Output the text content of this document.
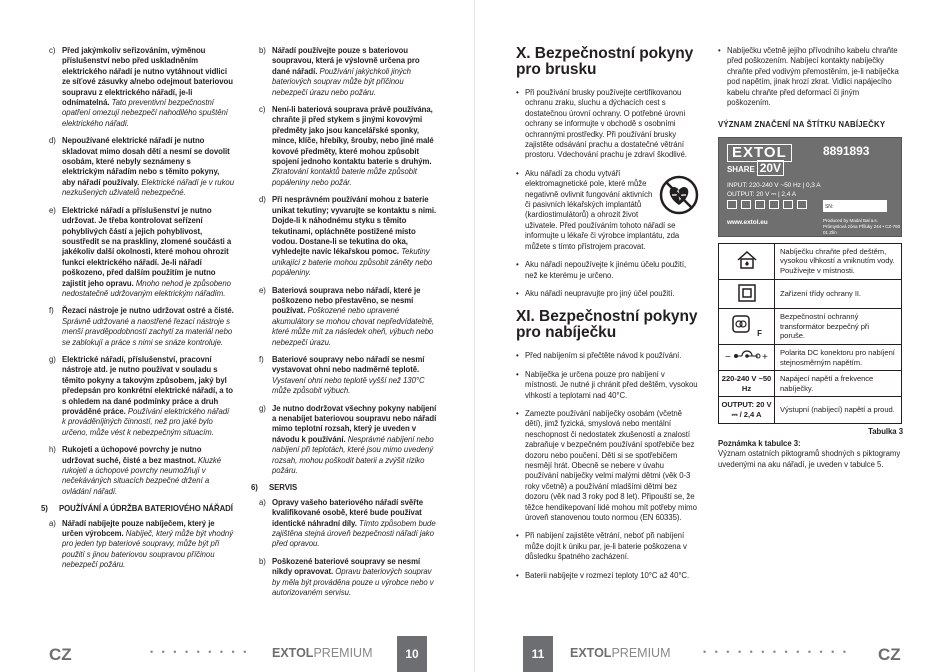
c) Před jakýmkoliv seřizováním, výměnou příslušenství nebo před uskladněním elektrického nářadí je nutno vytáhnout vidlici ze síťové zásuvky a/nebo odejmout bateriovou soupravu z elektrického nářadí, je-li odnímatelná. Tato preventivní bezpečnostní opatření omezují nebezpečí nahodilého spuštění elektrického nářadí.
d) Nepoužívané elektrické nářadí je nutno skladovat mimo dosah dětí a nesmí se dovolit osobám, které nebyly seznámeny s elektrickým nářadím nebo s těmito pokyny, aby nářadí používaly. Elektrické nářadí je v rukou nezkušených uživatelů nebezpečné.
e) Elektrické nářadí a příslušenství je nutno udržovat. Je třeba kontrolovat seřízení pohyblivých částí a jejich pohyblivost, soustředit se na praskliny, zlomené součásti a jakékoliv další okolnosti, které mohou ohrozit funkci elektrického nářadí. Je-li nářadí poškozeno, před dalším použitím je nutno zajistit jeho opravu. Mnoho nehod je způsobeno nedostatečně udržovaným elektrickým nářadím.
f)	Řezací nástroje je nutno udržovat ostré a čisté. Správně udržované a naostřené řezací nástroje s menší pravděpodobností zachytí za materiál nebo se zablokují a práce s nimi se snáze kontroluje.
g) Elektrické nářadí, příslušenství, pracovní nástroje atd. je nutno používat v souladu s těmito pokyny a takovým způsobem, jaký byl předepsán pro konkrétní elektrické nářadí, a to s ohledem na dané podmínky práce a druh prováděné práce. Používání elektrického nářadí k prováděníjiných činností, než pro jaké bylo určeno, může vést k nebezpečným situacím.
h) Rukojeti a úchopové povrchy je nutno udržovat suché, čisté a bez mastnot. Kluzké rukojeti a úchopové povrchy neumožňují v nečekáváných situacích bezpečné držení a ovládání nářadí.
5)	POUŽÍVÁNÍ A ÚDRŽBA BATERIOVÉHO NÁŘADÍ
a) Nářadí nabíjejte pouze nabíječem, který je určen výrobcem. Nabíječ, který může být vhodný pro jeden typ bateriové soupravy, může být při použití s jinou bateriovou soupravou příčinou nebezpečí požáru.
b) Nářadí používejte pouze s bateriovou soupravou, která je výslovně určena pro dané nářadí. Používání jakýchkoli jiných bateriových souprav může být příčinou nebezpečí úrazu nebo požáru.
c) Není-li bateriová souprava právě používána, chraňte ji před stykem s jinými kovovými předměty jako jsou kancelářské sponky, mince, klíče, hřebíky, šrouby, nebo jiné malé kovové předměty, které mohou způsobit spojení jednoho kontaktu baterie s druhým. Zkratování kontaktů baterie může způsobit popáleniny nebo požár.
d) Při nesprávném používání mohou z baterie unikat tekutiny; vyvarujte se kontaktu s nimi. Dojde-li k náhodnému styku s těmito tekutinami, opláchněte postižené místo vodou. Dostane-li se tekutina do oka, vyhledejte navíc lékařskou pomoc. Tekutiny unikající z baterie mohou způsobit záněty nebo popáleniny.
e) Bateriová souprava nebo nářadí, které je poškozeno nebo přestavěno, se nesmí používat. Poškozené nebo upravené akumulátory se mohou chovat nepředvídatelně, které může mít za následek oheň, výbuch nebo nebezpečí úrazu.
f)	Bateriové soupravy nebo nářadí se nesmí vystavovat ohni nebo nadměrné teplotě. Vystavení ohni nebo teplotě vyšší než 130°C může způsobit výbuch.
g) Je nutno dodržovat všechny pokyny nabíjení a nenabíjet bateriovou soupravu nebo nářadí mimo teplotní rozsah, který je uveden v návodu k používání. Nesprávné nabíjení nebo nabíjení při teplotách, které jsou mimo uvedený rozsah, mohou poškodit baterii a zvýšit riziko požáru.
6)	SERVIS
a) Opravy vašeho bateriového nářadí svěřte kvalifikované osobě, které bude používat identické náhradní díly. Tímto způsobem bude zajištěna stejná úroveň bezpečnosti nářadí jako před opravou.
b) Poškozené bateriové soupravy se nesmí nikdy opravovat. Opravu bateriových souprav by měla být prováděna pouze u výrobce nebo v autorizovaném servisu.
CZ	• • • • • • • • • EXTOLPREMIUM	10
X. Bezpečnostní pokyny pro brusku
• Při používání brusky používejte certifikovanou ochranu zraku, sluchu a dýchacích cest s dostatečnou úrovní ochrany. O potřebné úrovni ochrany se informujte v obchodě s osobními ochrannými prostředky. Při používání brusky zajistěte odsávání prachu a dostatečné větrání prostoru. Vdechování prachu je zdraví škodlivé.
• Aku nářadí za chodu vytváří elektromagnetické pole, které může negativně ovlivnit fungování aktivních či pasivních lékařských implantátů (kardiostimulátorů) a ohrozit život uživatele. Před používáním tohoto nářadí se informujte u lékaře či výrobce implantátu, zda můžete s tímto přístrojem pracovat.
• Aku nářadí nepoužívejte k jinému účelu použití, než ke kterému je určeno.
• Aku nářadí neupravujte pro jiný účel použití.
XI. Bezpečnostní pokyny pro nabíječku
• Před nabíjením si přečtěte návod k používání.
• Nabíječka je určena pouze pro nabíjení v místnosti. Je nutné ji chránit před deštěm, vysokou vlhkostí a teplotami nad 40°C.
• Zamezte používání nabíječky osobám (včetně dětí), jimž fyzická, smyslová nebo mentální neschopnost či nedostatek zkušeností a znalostí zabraňuje v bezpečném používání spotřebiče bez dozoru nebo poučení. Děti si se spotřebičem nesmějí hrát. Obecně se nebere v úvahu používání nabíječky velmi malými dětmi (věk 0-3 roky včetně) a používání mladšími dětmi bez dozoru (věk nad 3 roky pod 8 let). Připouští se, že těžce hendikepovaní lidé mohou mít potřeby mimo úroveň stanovenou touto normou (EN 60335).
• Při nabíjení zajistěte větrání, neboť při nabíjení může dojít k úniku par, je-li baterie poškozena v důsledku špatného zacházení.
• Baterii nabíjejte v rozmezí teploty 10°C až 40°C.
• Nabíječku včetně jejího přívodního kabelu chraňte před poškozením. Nabíjecí kontakty nabíječky chraňte před vodivým přemostěním, je-li nabíječka pod napětím, jinak hrozí zkrat. Vidlici napájecího kabelu chraňte před deformací či jiným poškozením.
VÝZNAM ZNAČENÍ NA ŠTÍTKU NABÍJEČKY
EXTOL
SHARE 20V
8891893
INPUT: 220-240 V ~50 Hz | 0,3 A
OUTPUT: 20 V ⎓ | 2,4 A
SN:
www.extol.eu	Produced by Madal Bal a.s.
Průmyslová zóna Příluky 244 • CZ-760 01 Zlín
	Nabíječku chraňte před deštěm, vysokou vlhkostí a vniknutím vody. Používejte v místnosti.
	Zařízení třídy ochrany II.
F	Bezpečnostní ochranný transformátor bezpečný při poruše.

− +	Polarita DC konektoru pro nabíjení stejnosměrným napětím.
220-240 V ~50 Hz	Napájecí napětí a frekvence nabíječky.
OUTPUT: 20 V ⎓ / 2,4 A	Výstupní (nabíjecí) napětí a proud.
Tabulka 3
Poznámka k tabulce 3:
Význam ostatních piktogramů shodných s piktogramy uvedenými na aku nářadí, je uveden v tabulce 5.
11	EXTOLPREMIUM	• • • • • • • • • • • • • CZ
